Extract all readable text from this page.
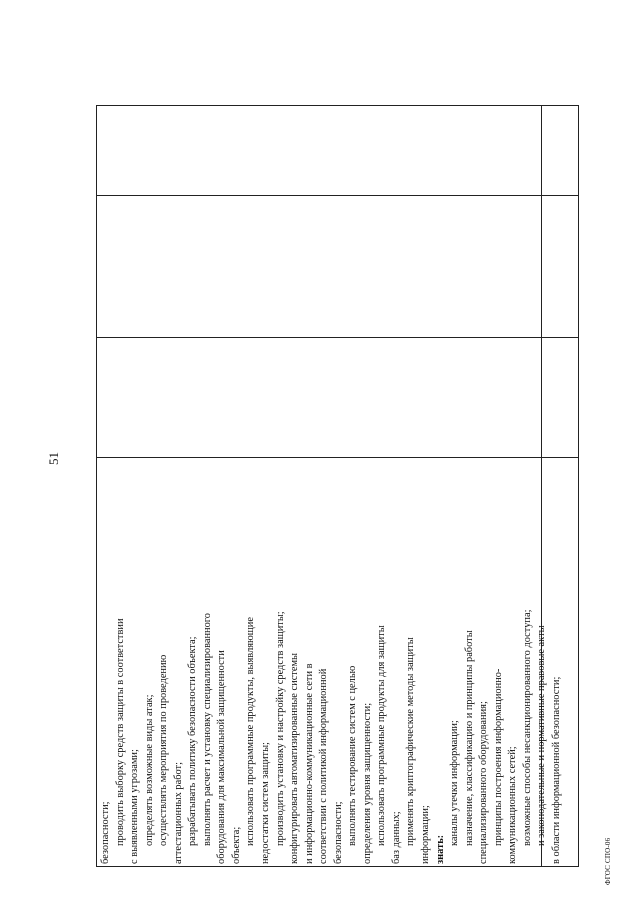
51

безопасности; проводить выборку средств защиты в соответствии с выявленными угрозами; определять возможные виды атак; осуществлять мероприятия по проведению аттестационных работ; разрабатывать политику безопасности объекта; выполнять расчет и установку специализированного оборудования для максимальной защищенности объекта; использовать программные продукты, выявляющие недостатки систем защиты; производить установку и настройку средств защиты; конфигурировать автоматизированные системы и информационно-коммуникационные сети в соответствии с политикой информационной безопасности; выполнять тестирование систем с целью определения уровня защищенности; использовать программные продукты для защиты баз данных; применять криптографические методы защиты информации; знать:

каналы утечки информации; назначение, классификацию и принципы работы специализированного оборудования; принципы построения информационно- коммуникационных сетей; возможные способы несанкционированного доступа; и законодательные и нормативные правовые акты в области информационной безопасности;	ФГОС СПО-06
